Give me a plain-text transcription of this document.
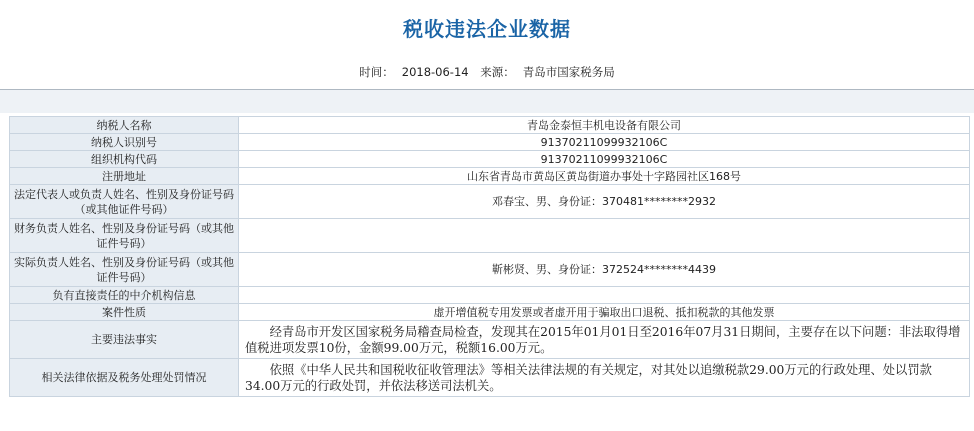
税收违法企业数据
时间： 2018-06-14 来源： 青岛市国家税务局
纳税人名称	青岛金泰恒丰机电设备有限公司
纳税人识别号	91370211099932106C
组织机构代码	91370211099932106C
注册地址	山东省青岛市黄岛区黄岛街道办事处十字路园社区168号
法定代表人或负责人姓名、性别及身份证号码（或其他证件号码）	邓春宝、男、身份证：370481********2932
财务负责人姓名、性别及身份证号码（或其他证件号码）	
实际负责人姓名、性别及身份证号码（或其他证件号码）	靳彬贤、男、身份证：372524********4439
负有直接责任的中介机构信息	
案件性质	虚开增值税专用发票或者虚开用于骗取出口退税、抵扣税款的其他发票
主要违法事实	经青岛市开发区国家税务局稽查局检查，发现其在2015年01月01日至2016年07月31日期间，主要存在以下问题：非法取得增值税进项发票10份，金额99.00万元，税额16.00万元。
相关法律依据及税务处理处罚情况	依照《中华人民共和国税收征收管理法》等相关法律法规的有关规定，对其处以追缴税款29.00万元的行政处理、处以罚款34.00万元的行政处罚，并依法移送司法机关。
